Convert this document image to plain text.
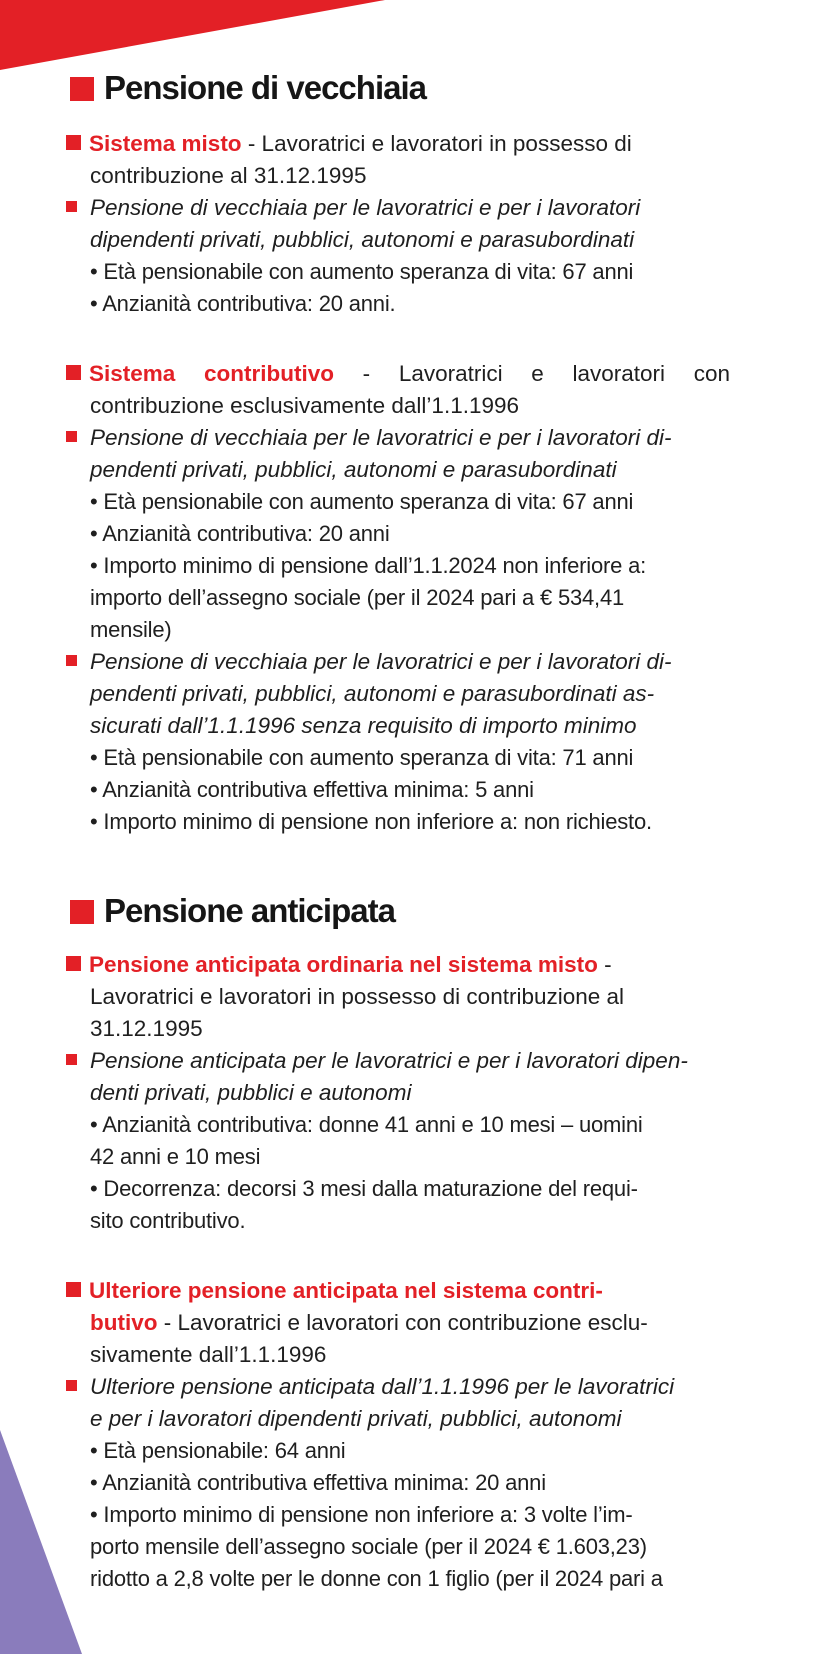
Pensione di vecchiaia
Sistema misto - Lavoratrici e lavoratori in possesso di
contribuzione al 31.12.1995
Pensione di vecchiaia per le lavoratrici e per i lavoratori
dipendenti privati, pubblici, autonomi e parasubordinati
• Età pensionabile con aumento speranza di vita: 67 anni
• Anzianità contributiva: 20 anni.
Sistema contributivo - Lavoratrici e lavoratori con
contribuzione esclusivamente dall’1.1.1996
Pensione di vecchiaia per le lavoratrici e per i lavoratori di-
pendenti privati, pubblici, autonomi e parasubordinati
• Età pensionabile con aumento speranza di vita: 67 anni
• Anzianità contributiva: 20 anni
• Importo minimo di pensione dall’1.1.2024 non inferiore a:
importo dell’assegno sociale (per il 2024 pari a € 534,41
mensile)
Pensione di vecchiaia per le lavoratrici e per i lavoratori di-
pendenti privati, pubblici, autonomi e parasubordinati as-
sicurati dall’1.1.1996 senza requisito di importo minimo
• Età pensionabile con aumento speranza di vita: 71 anni
• Anzianità contributiva effettiva minima: 5 anni
• Importo minimo di pensione non inferiore a: non richiesto.
Pensione anticipata
Pensione anticipata ordinaria nel sistema misto -
Lavoratrici e lavoratori in possesso di contribuzione al
31.12.1995
Pensione anticipata per le lavoratrici e per i lavoratori dipen-
denti privati, pubblici e autonomi
• Anzianità contributiva: donne 41 anni e 10 mesi – uomini
42 anni e 10 mesi
• Decorrenza: decorsi 3 mesi dalla maturazione del requi-
sito contributivo.
Ulteriore pensione anticipata nel sistema contri-
butivo - Lavoratrici e lavoratori con contribuzione esclu-
sivamente dall’1.1.1996
Ulteriore pensione anticipata dall’1.1.1996 per le lavoratrici
e per i lavoratori dipendenti privati, pubblici, autonomi
• Età pensionabile: 64 anni
• Anzianità contributiva effettiva minima: 20 anni
• Importo minimo di pensione non inferiore a: 3 volte l’im-
porto mensile dell’assegno sociale (per il 2024 € 1.603,23)
ridotto a 2,8 volte per le donne con 1 figlio (per il 2024 pari a
